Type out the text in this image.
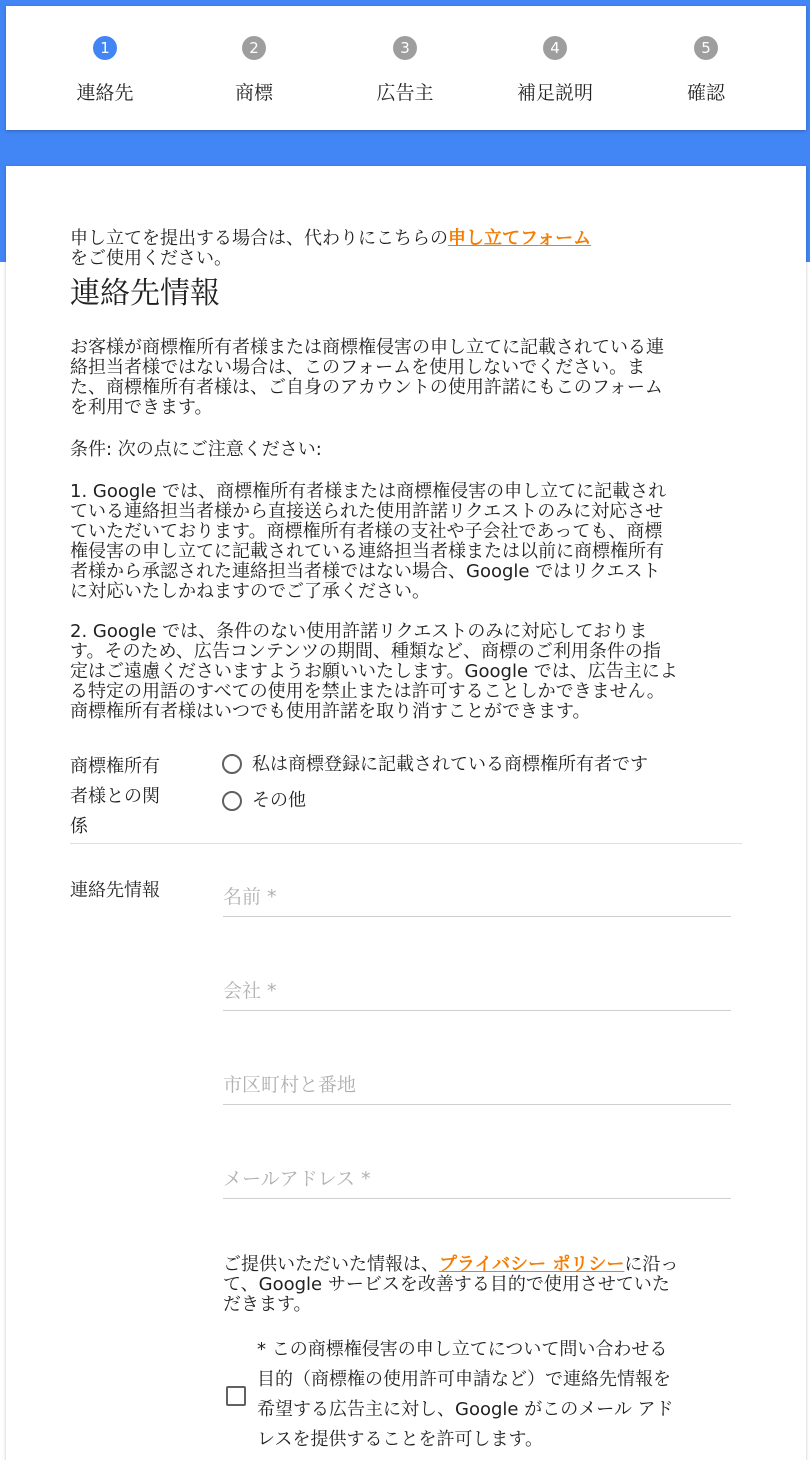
1
連絡先
2
商標
3
広告主
4
補足説明
5
確認
申し立てを提出する場合は、代わりにこちらの申し立てフォーム
をご使用ください。
連絡先情報
お客様が商標権所有者様または商標権侵害の申し立てに記載されている連
絡担当者様ではない場合は、このフォームを使用しないでください。ま
た、商標権所有者様は、ご自身のアカウントの使用許諾にもこのフォーム
を利用できます。
条件: 次の点にご注意ください:
1. Google では、商標権所有者様または商標権侵害の申し立てに記載され
ている連絡担当者様から直接送られた使用許諾リクエストのみに対応させ
ていただいております。商標権所有者様の支社や子会社であっても、商標
権侵害の申し立てに記載されている連絡担当者様または以前に商標権所有
者様から承認された連絡担当者様ではない場合、Google ではリクエスト
に対応いたしかねますのでご了承ください。
2. Google では、条件のない使用許諾リクエストのみに対応しておりま
す。そのため、広告コンテンツの期間、種類など、商標のご利用条件の指
定はご遠慮くださいますようお願いいたします。Google では、広告主によ
る特定の用語のすべての使用を禁止または許可することしかできません。
商標権所有者様はいつでも使用許諾を取り消すことができます。
商標権所有
者様との関
係
私は商標登録に記載されている商標権所有者です
その他
連絡先情報
名前 *
会社 *
市区町村と番地
メールアドレス *
ご提供いただいた情報は、プライバシー ポリシーに沿っ
て、Google サービスを改善する目的で使用させていた
だきます。
* この商標権侵害の申し立てについて問い合わせる
目的（商標権の使用許可申請など）で連絡先情報を
希望する広告主に対し、Google がこのメール アド
レスを提供することを許可します。
